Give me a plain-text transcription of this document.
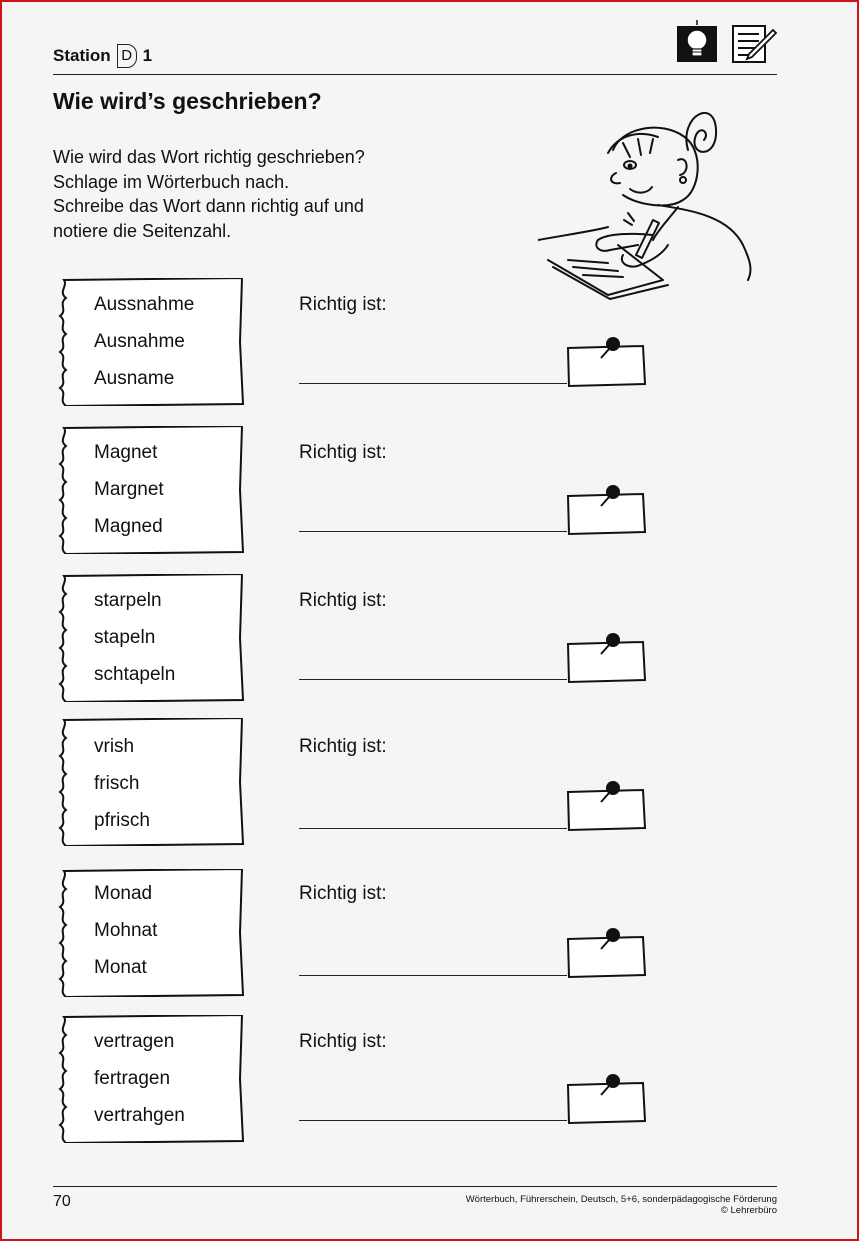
Station D 1
Wie wird’s geschrieben?
Wie wird das Wort richtig geschrieben?
Schlage im Wörterbuch nach.
Schreibe das Wort dann richtig auf und
notiere die Seitenzahl.
Aussnahme
Ausnahme
Ausname
Richtig ist:
Magnet
Margnet
Magned
Richtig ist:
starpeln
stapeln
schtapeln
Richtig ist:
vrish
frisch
pfrisch
Richtig ist:
Monad
Mohnat
Monat
Richtig ist:
vertragen
fertragen
vertrahgen
Richtig ist:
70	Wörterbuch, Führerschein, Deutsch, 5+6, sonderpädagogische Förderung
© Lehrerbüro
